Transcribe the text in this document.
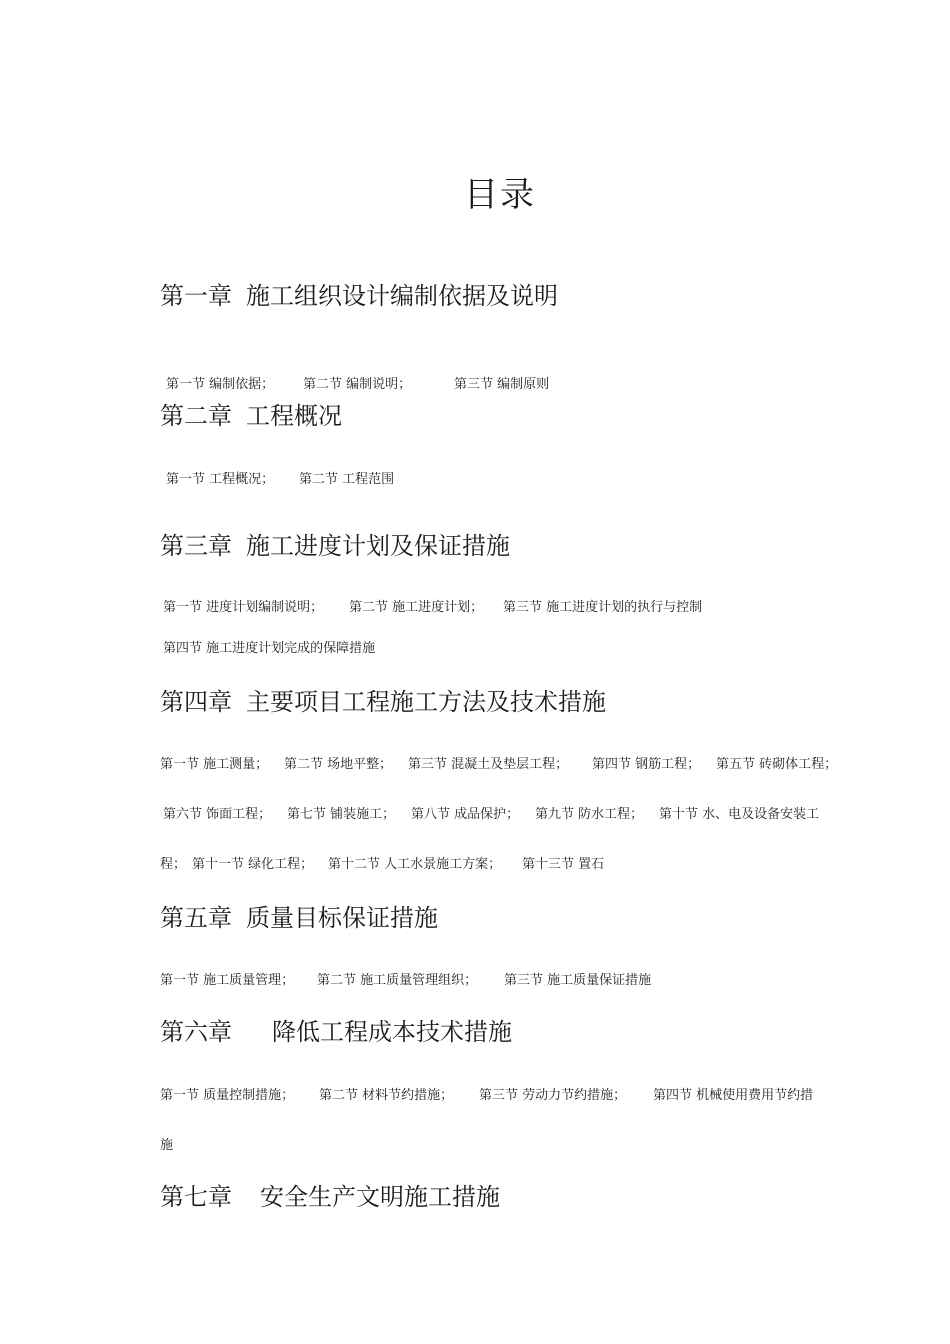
目录
第一章 施工组织设计编制依据及说明
第一节 编制依据； 第二节 编制说明；	第三节 编制原则
第二章 工程概况
第一节 工程概况； 第二节 工程范围
第三章 施工进度计划及保证措施
第一节 进度计划编制说明； 第二节 施工进度计划； 第三节 施工进度计划的执行与控制
第四节 施工进度计划完成的保障措施
第四章 主要项目工程施工方法及技术措施
第一节 施工测量； 第二节 场地平整； 第三节 混凝土及垫层工程； 第四节 钢筋工程； 第五节 砖砌体工程；
第六节 饰面工程； 第七节 铺装施工； 第八节 成品保护； 第九节 防水工程； 第十节 水、电及设备安装工
程； 第十一节 绿化工程； 第十二节 人工水景施工方案； 第十三节 置石
第五章 质量目标保证措施
第一节 施工质量管理； 第二节 施工质量管理组织； 第三节 施工质量保证措施
第六章 降低工程成本技术措施
第一节 质量控制措施； 第二节 材料节约措施； 第三节 劳动力节约措施； 第四节 机械使用费用节约措
施
第七章 安全生产文明施工措施
